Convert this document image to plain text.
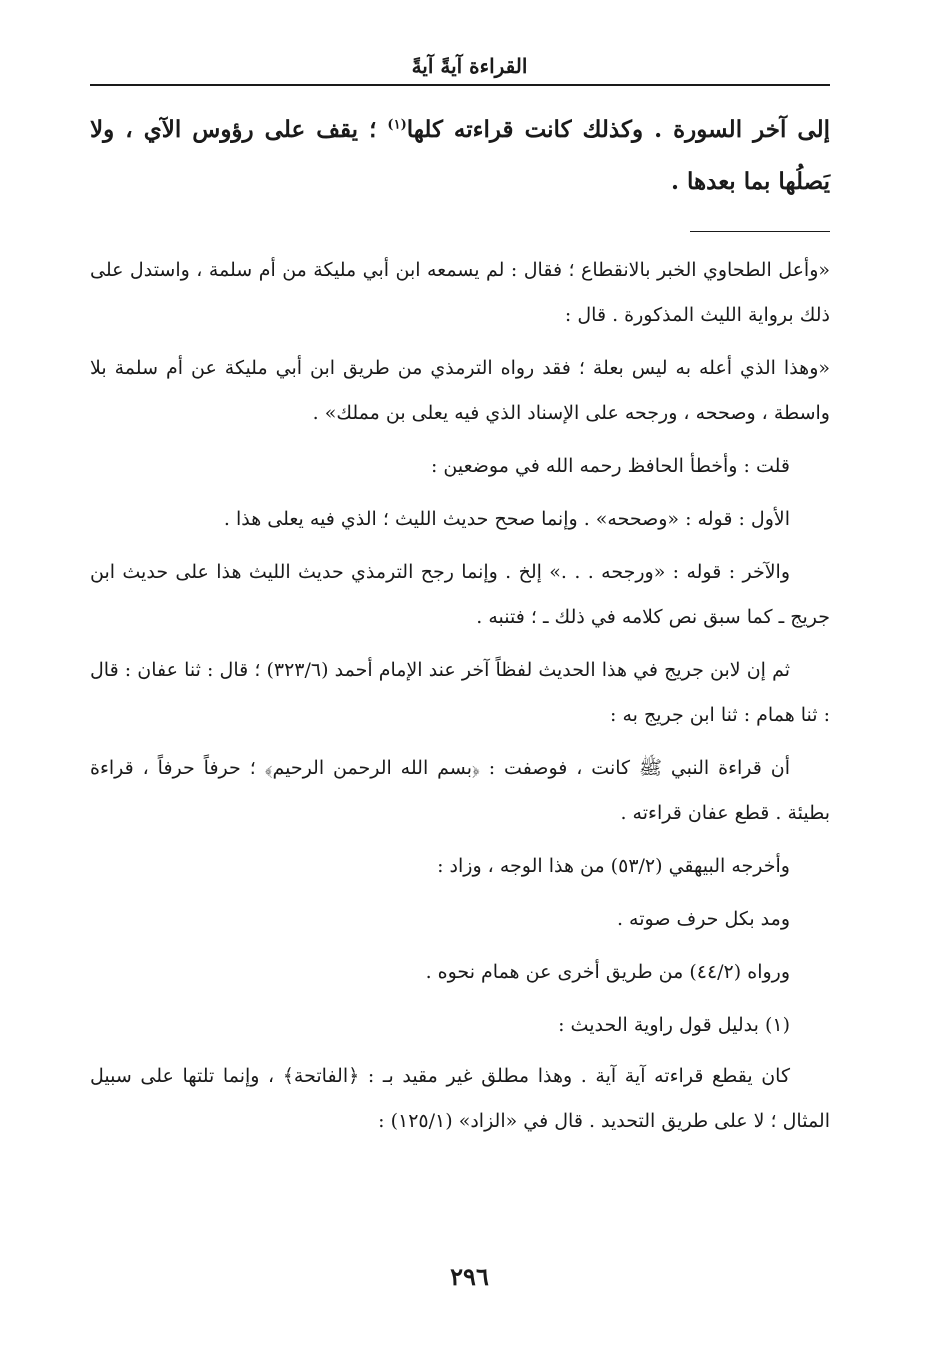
القراءة آيةً آيةً

إلى آخر السورة . وكذلك كانت قراءته كلها$^{(١)}$ ؛ يقف على رؤوس الآي ، ولا يَصلُها بما بعدها .

«وأعل الطحاوي الخبر بالانقطاع ؛ فقال : لم يسمعه ابن أبي مليكة من أم سلمة ، واستدل على ذلك برواية الليث المذكورة . قال :

«وهذا الذي أعله به ليس بعلة ؛ فقد رواه الترمذي من طريق ابن أبي مليكة عن أم سلمة بلا واسطة ، وصححه ، ورجحه على الإسناد الذي فيه يعلى بن مملك» .

قلت : وأخطأ الحافظ رحمه الله في موضعين :

الأول : قوله : «وصححه» . وإنما صحح حديث الليث ؛ الذي فيه يعلى هذا .

والآخر : قوله : «ورجحه . . .» إلخ . وإنما رجح الترمذي حديث الليث هذا على حديث ابن جريج ـ كما سبق نص كلامه في ذلك ـ ؛ فتنبه .

ثم إن لابن جريج في هذا الحديث لفظاً آخر عند الإمام أحمد (٣٢٣/٦) ؛ قال : ثنا عفان : قال : ثنا همام : ثنا ابن جريج به :

أن قراءة النبي ﷺ كانت ، فوصفت : ﴿بسم الله الرحمن الرحيم﴾ ؛ حرفاً حرفاً ، قراءة بطيئة . قطع عفان قراءته .

وأخرجه البيهقي (٥٣/٢) من هذا الوجه ، وزاد :

ومد بكل حرف صوته .

ورواه (٤٤/٢) من طريق أخرى عن همام نحوه .

(١) بدليل قول راوية الحديث :

كان يقطع قراءته آية آية . وهذا مطلق غير مقيد بـ : ﴿الفاتحة﴾ ، وإنما تلتها على سبيل المثال ؛ لا على طريق التحديد . قال في «الزاد» (١٢٥/١) :

٢٩٦
